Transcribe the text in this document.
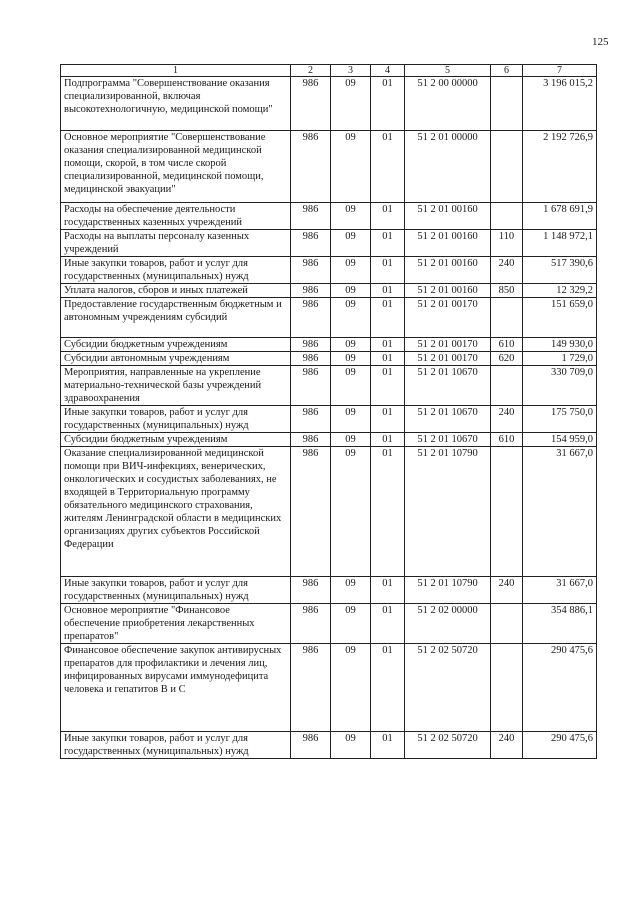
125
1	2	3	4	5	6	7
Подпрограмма "Совершенствование оказания специализированной, включая высокотехнологичную, медицинской помощи"	986	09	01	51 2 00 00000		3 196 015,2
Основное мероприятие "Совершенствование оказания специализированной медицинской помощи, скорой, в том числе скорой специализированной, медицинской помощи, медицинской эвакуации"	986	09	01	51 2 01 00000		2 192 726,9
Расходы на обеспечение деятельности государственных казенных учреждений	986	09	01	51 2 01 00160		1 678 691,9
Расходы на выплаты персоналу казенных учреждений	986	09	01	51 2 01 00160	110	1 148 972,1
Иные закупки товаров, работ и услуг для государственных (муниципальных) нужд	986	09	01	51 2 01 00160	240	517 390,6
Уплата налогов, сборов и иных платежей	986	09	01	51 2 01 00160	850	12 329,2
Предоставление государственным бюджетным и автономным учреждениям субсидий	986	09	01	51 2 01 00170		151 659,0
Субсидии бюджетным учреждениям	986	09	01	51 2 01 00170	610	149 930,0
Субсидии автономным учреждениям	986	09	01	51 2 01 00170	620	1 729,0
Мероприятия, направленные на укрепление материально-технической базы учреждений здравоохранения	986	09	01	51 2 01 10670		330 709,0
Иные закупки товаров, работ и услуг для государственных (муниципальных) нужд	986	09	01	51 2 01 10670	240	175 750,0
Субсидии бюджетным учреждениям	986	09	01	51 2 01 10670	610	154 959,0
Оказание специализированной медицинской помощи при ВИЧ-инфекциях, венерических, онкологических и сосудистых заболеваниях, не входящей в Территориальную программу обязательного медицинского страхования, жителям Ленинградской области в медицинских организациях других субъектов Российской Федерации	986	09	01	51 2 01 10790		31 667,0
Иные закупки товаров, работ и услуг для государственных (муниципальных) нужд	986	09	01	51 2 01 10790	240	31 667,0
Основное мероприятие "Финансовое обеспечение приобретения лекарственных препаратов"	986	09	01	51 2 02 00000		354 886,1
Финансовое обеспечение закупок антивирусных препаратов для профилактики и лечения лиц, инфицированных вирусами иммунодефицита человека и гепатитов В и С	986	09	01	51 2 02 50720		290 475,6
Иные закупки товаров, работ и услуг для государственных (муниципальных) нужд	986	09	01	51 2 02 50720	240	290 475,6
